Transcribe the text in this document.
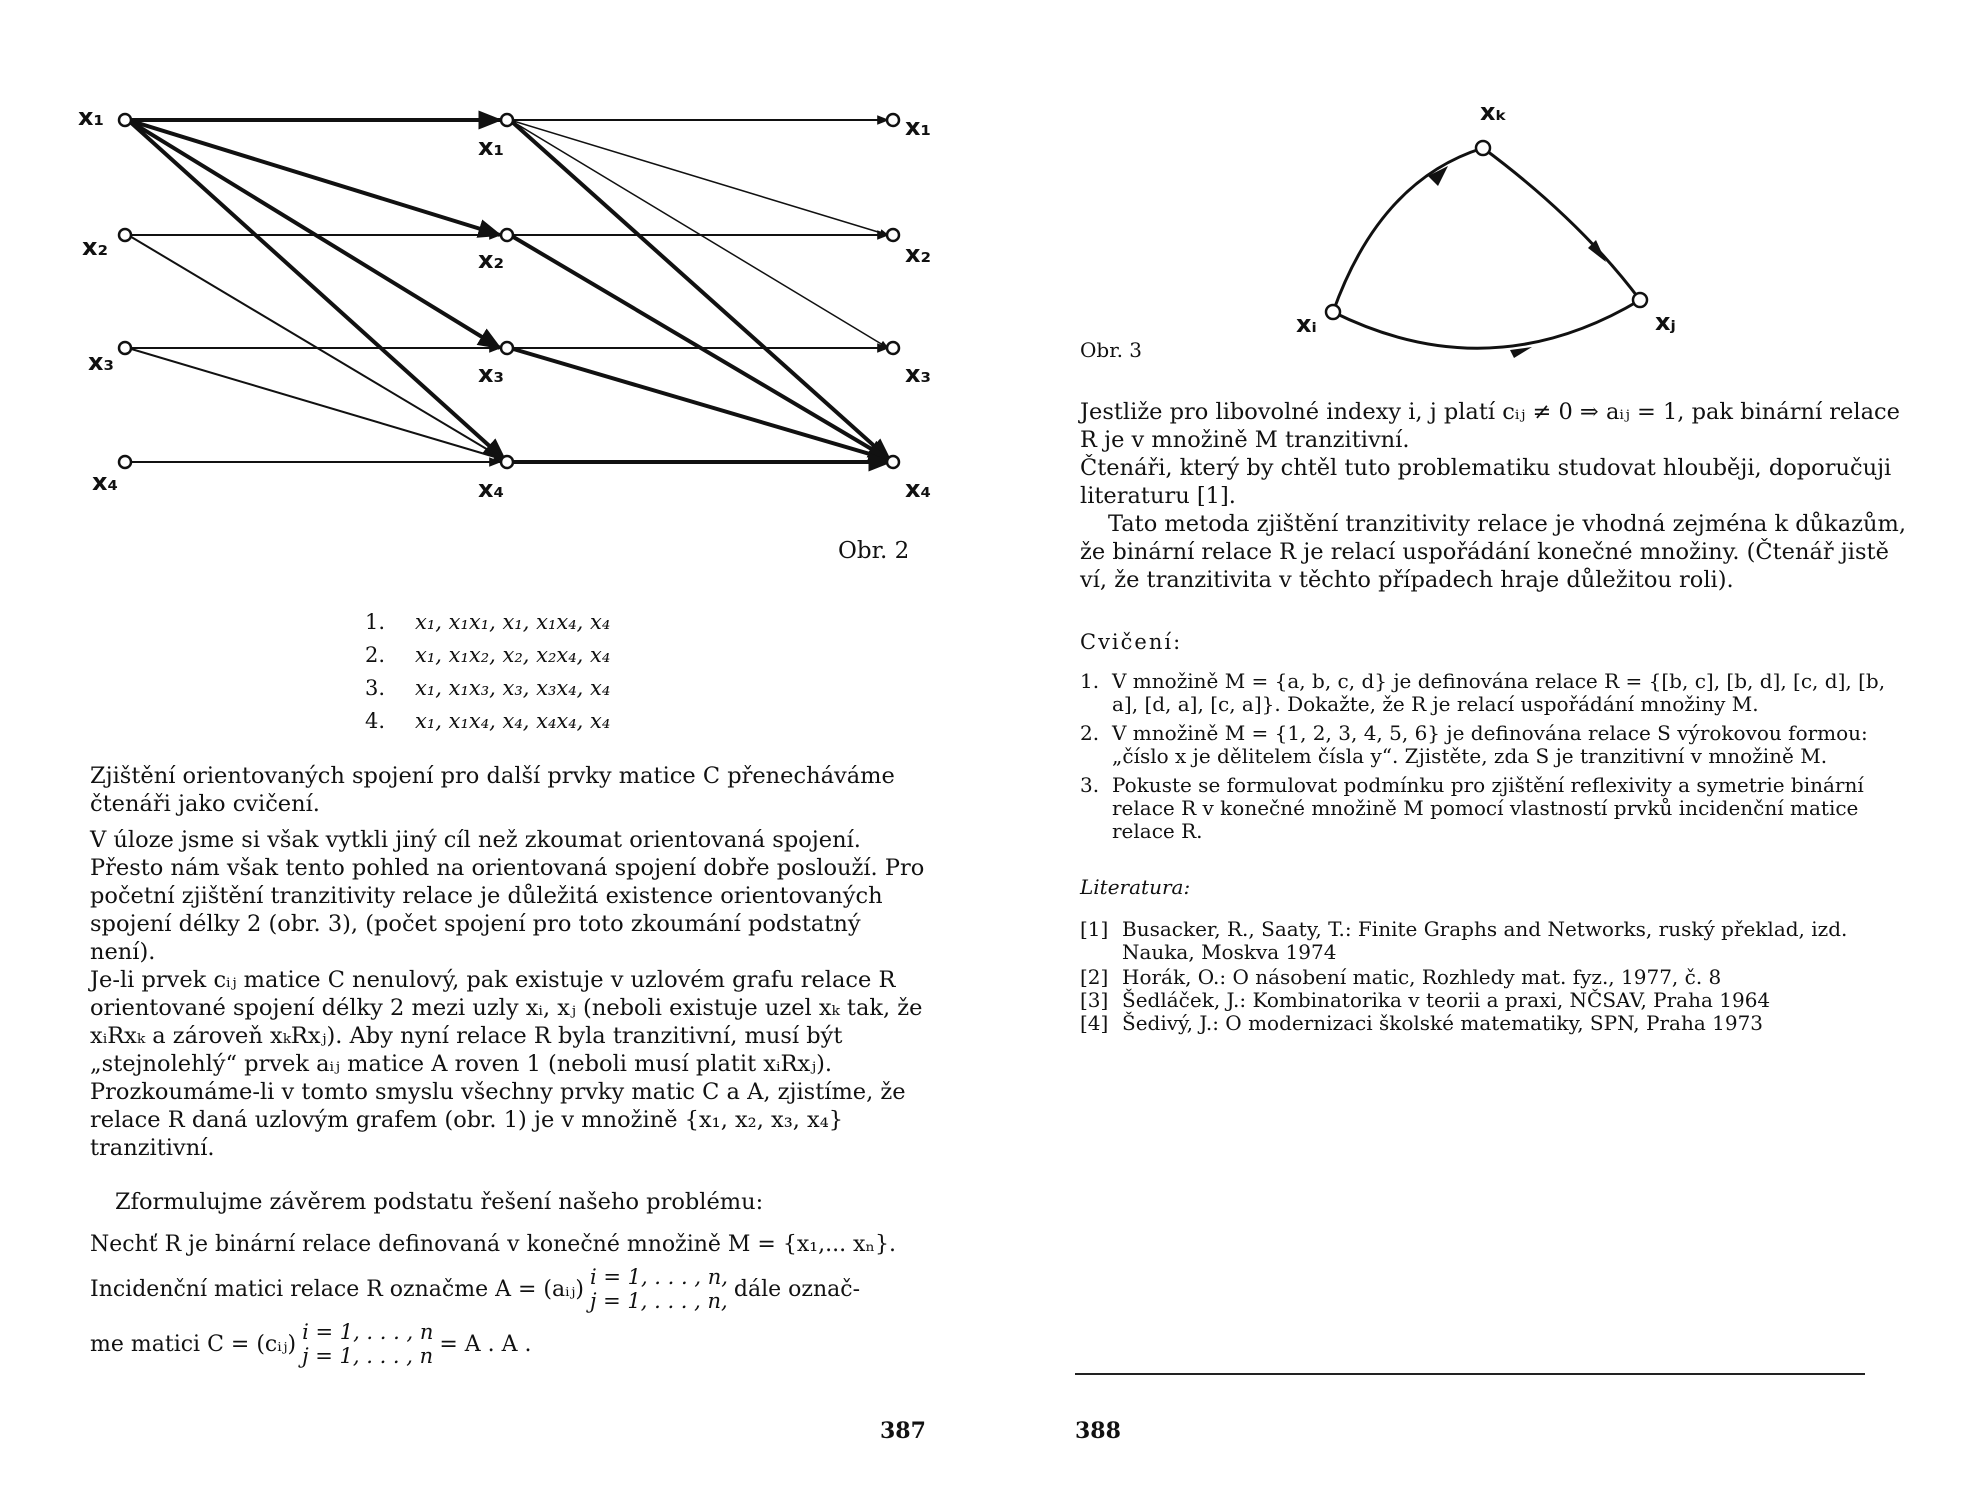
x₁
x₂
x₃
x₄
x₁
x₂
x₃
x₄
x₁
x₂
x₃
x₄
Obr. 2
1.	x₁, x₁x₁, x₁, x₁x₄, x₄
2.	x₁, x₁x₂, x₂, x₂x₄, x₄
3.	x₁, x₁x₃, x₃, x₃x₄, x₄
4.	x₁, x₁x₄, x₄, x₄x₄, x₄

Zjištění orientovaných spojení pro další prvky matice C přenecháváme čtenáři jako cvičení.

V úloze jsme si však vytkli jiný cíl než zkoumat orientovaná spojení. Přesto nám však tento pohled na orientovaná spojení dobře poslouží. Pro početní zjištění tranzitivity relace je důležitá existence orientovaných spojení délky 2 (obr. 3), (počet spojení pro toto zkoumání podstatný není).

Je-li prvek cᵢⱼ matice C nenulový, pak existuje v uzlovém grafu relace R orientované spojení délky 2 mezi uzly xᵢ, xⱼ (neboli existuje uzel xₖ tak, že xᵢRxₖ a zároveň xₖRxⱼ). Aby nyní relace R byla tranzitivní, musí být „stejnolehlý“ prvek aᵢⱼ matice A roven 1 (neboli musí platit xᵢRxⱼ). Prozkoumáme-li v tomto smyslu všechny prvky matic C a A, zjistíme, že relace R daná uzlovým grafem (obr. 1) je v množině {x₁, x₂, x₃, x₄} tranzitivní.

Zformulujme závěrem podstatu řešení našeho problému:

Nechť R je binární relace definovaná v konečné množině M = {x₁,... xₙ}.
Incidenční matici relace R označme A = (aᵢⱼ) i = 1, . . . , n,
j = 1, . . . , n, dále označ-
me matici C = (cᵢⱼ) i = 1, . . . , n
j = 1, . . . , n = A . A .
387
xₖ
xᵢ	xⱼ
Obr. 3

Jestliže pro libovolné indexy i, j platí cᵢⱼ ≠ 0 ⇒ aᵢⱼ = 1, pak binární relace R je v množině M tranzitivní.

Čtenáři, který by chtěl tuto problematiku studovat hlouběji, doporučuji literaturu [1].

Tato metoda zjištění tranzitivity relace je vhodná zejména k důkazům, že binární relace R je relací uspořádání konečné množiny. (Čtenář jistě ví, že tranzitivita v těchto případech hraje důležitou roli).

Cvičení:
1. V množině M = {a, b, c, d} je definována relace R = {[b, c], [b, d], [c, d], [b, a], [d, a], [c, a]}. Dokažte, že R je relací uspořádání množiny M.
2. V množině M = {1, 2, 3, 4, 5, 6} je definována relace S výrokovou formou: „číslo x je dělitelem čísla y“. Zjistěte, zda S je tranzitivní v množině M.
3. Pokuste se formulovat podmínku pro zjištění reflexivity a symetrie binární relace R v konečné množině M pomocí vlastností prvků incidenční matice relace R.
Literatura:
[1] Busacker, R., Saaty, T.: Finite Graphs and Networks, ruský překlad, izd. Nauka, Moskva 1974
[2] Horák, O.: O násobení matic, Rozhledy mat. fyz., 1977, č. 8
[3] Šedláček, J.: Kombinatorika v teorii a praxi, NČSAV, Praha 1964
[4] Šedivý, J.: O modernizaci školské matematiky, SPN, Praha 1973
388
